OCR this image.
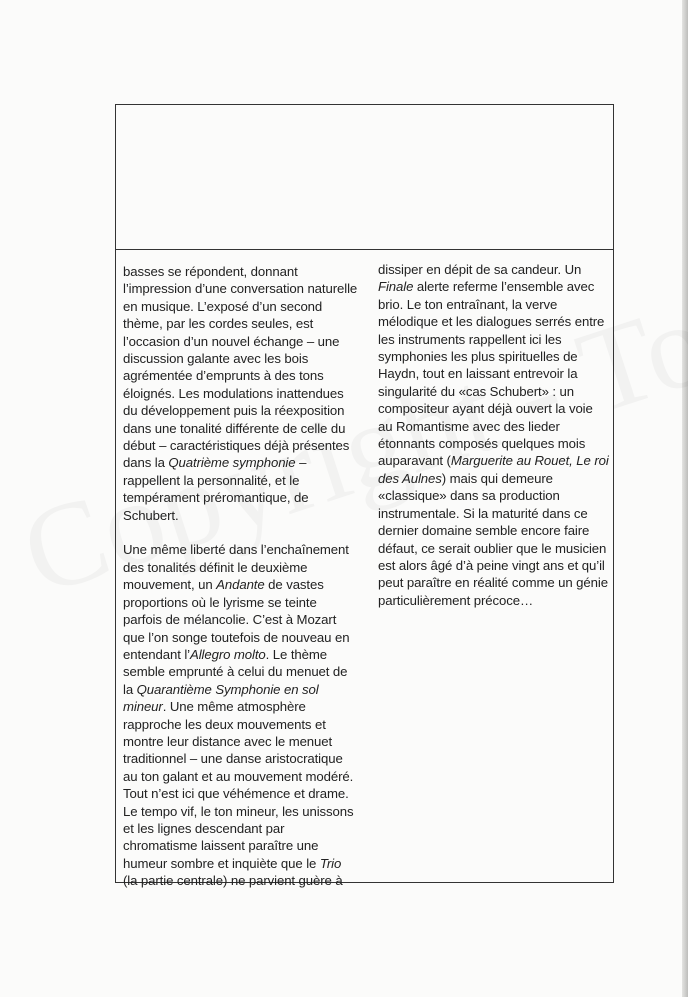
basses se répondent, donnant l’impression d’une conversation naturelle en musique. L’exposé d’un second thème, par les cordes seules, est l’occasion d’un nouvel échange – une discussion galante avec les bois agrémentée d’emprunts à des tons éloignés. Les modulations inattendues du développement puis la réexposition dans une tonalité différente de celle du début – caractéristiques déjà présentes dans la Quatrième symphonie – rappellent la personnalité, et le tempérament préromantique, de Schubert.

Une même liberté dans l’enchaînement des tonalités définit le deuxième mouvement, un Andante de vastes proportions où le lyrisme se teinte parfois de mélancolie. C’est à Mozart que l’on songe toutefois de nouveau en entendant l’Allegro molto. Le thème semble emprunté à celui du menuet de la Quarantième Symphonie en sol mineur. Une même atmosphère rapproche les deux mouvements et montre leur distance avec le menuet traditionnel – une danse aristocratique au ton galant et au mouvement modéré. Tout n’est ici que véhémence et drame. Le tempo vif, le ton mineur, les unissons et les lignes descendant par chromatisme laissent paraître une humeur sombre et inquiète que le Trio (la partie centrale) ne parvient guère à

dissiper en dépit de sa candeur. Un Finale alerte referme l’ensemble avec brio. Le ton entraînant, la verve mélodique et les dialogues serrés entre les instruments rappellent ici les symphonies les plus spirituelles de Haydn, tout en laissant entrevoir la singularité du «cas Schubert» : un compositeur ayant déjà ouvert la voie au Romantisme avec des lieder étonnants composés quelques mois auparavant (Marguerite au Rouet, Le roi des Aulnes) mais qui demeure «classique» dans sa production instrumentale. Si la maturité dans ce dernier domaine semble encore faire défaut, ce serait oublier que le musicien est alors âgé d’à peine vingt ans et qu’il peut paraître en réalité comme un génie particulièrement précoce…
